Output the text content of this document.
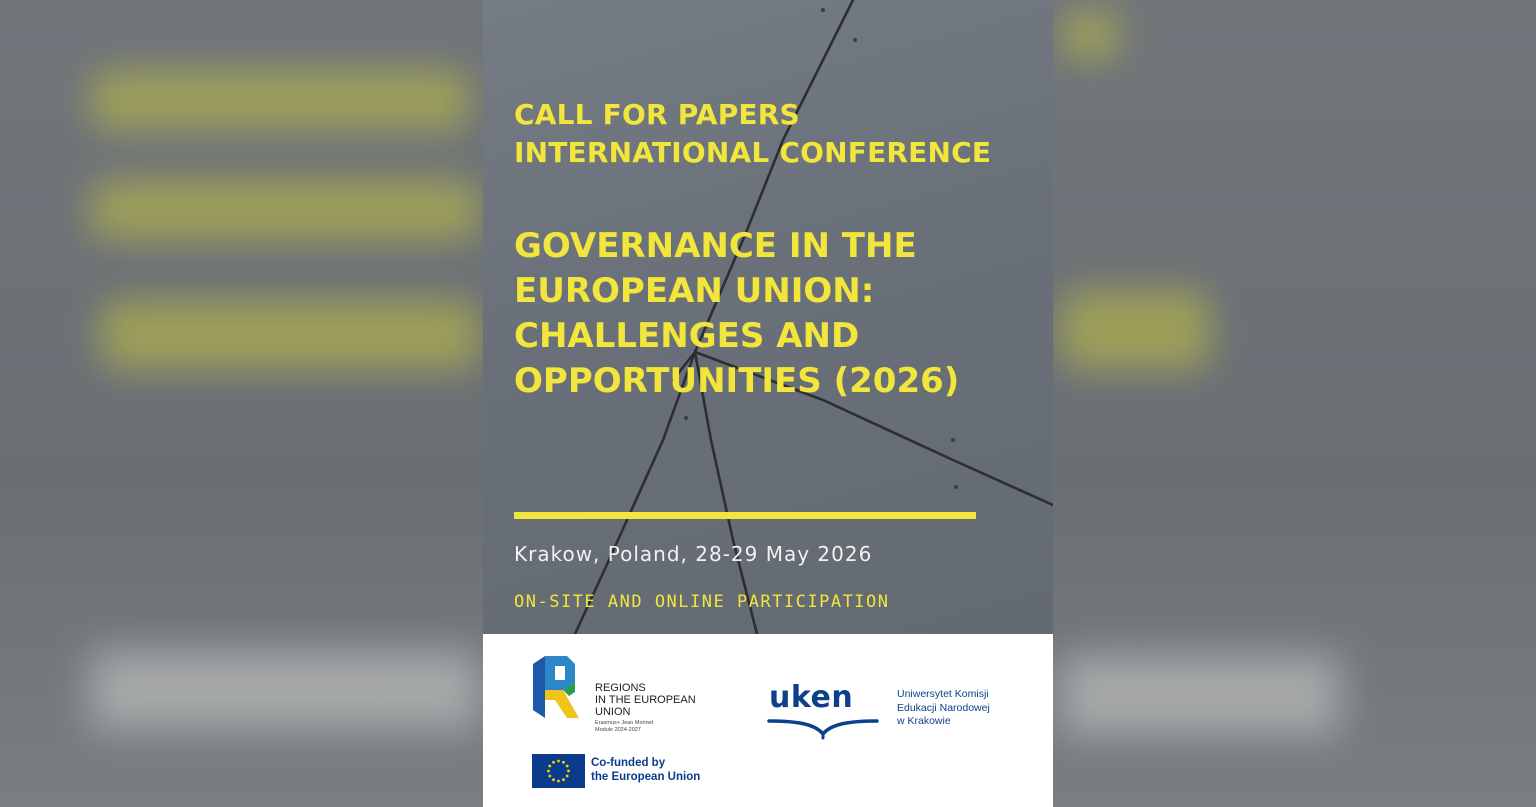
CALL FOR PAPERS
INTERNATIONAL CONFERENCE
GOVERNANCE IN THE
EUROPEAN UNION:
CHALLENGES AND
OPPORTUNITIES (2026)
Krakow, Poland, 28-29 May 2026
ON-SITE AND ONLINE PARTICIPATION
REGIONS
IN THE EUROPEAN
UNION
Erasmus+ Jean Monnet
Module 2024-2027
Co-funded by
the European Union
uken	Uniwersytet Komisji
Edukacji Narodowej
w Krakowie
